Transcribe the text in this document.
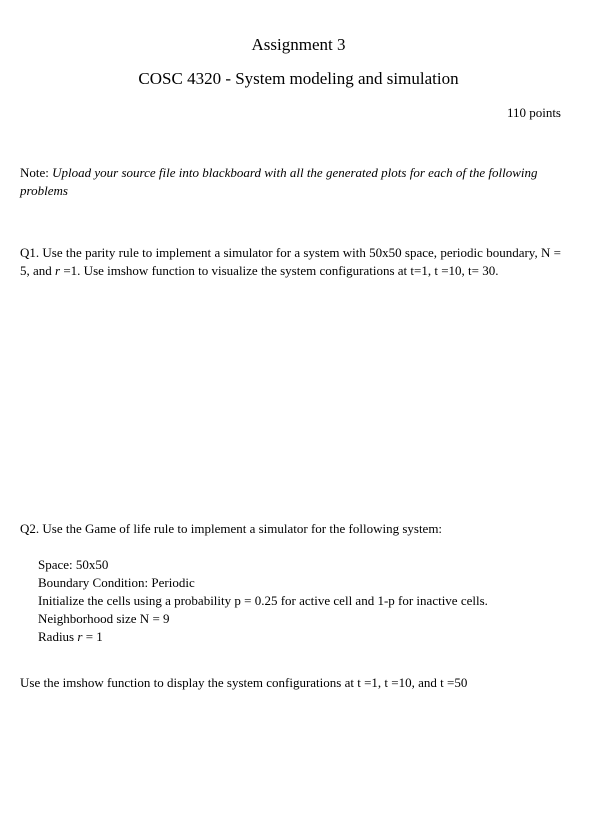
Assignment 3
COSC 4320 - System modeling and simulation
110 points
Note: Upload your source file into blackboard with all the generated plots for each of the following problems
Q1. Use the parity rule to implement a simulator for a system with 50x50 space, periodic boundary, N = 5, and r =1. Use imshow function to visualize the system configurations at t=1, t =10, t= 30.
Q2. Use the Game of life rule to implement a simulator for the following system:
Space: 50x50
Boundary Condition: Periodic
Initialize the cells using a probability p = 0.25 for active cell and 1-p for inactive cells.
Neighborhood size N = 9
Radius r = 1
Use the imshow function to display the system configurations at t =1, t =10, and t =50
